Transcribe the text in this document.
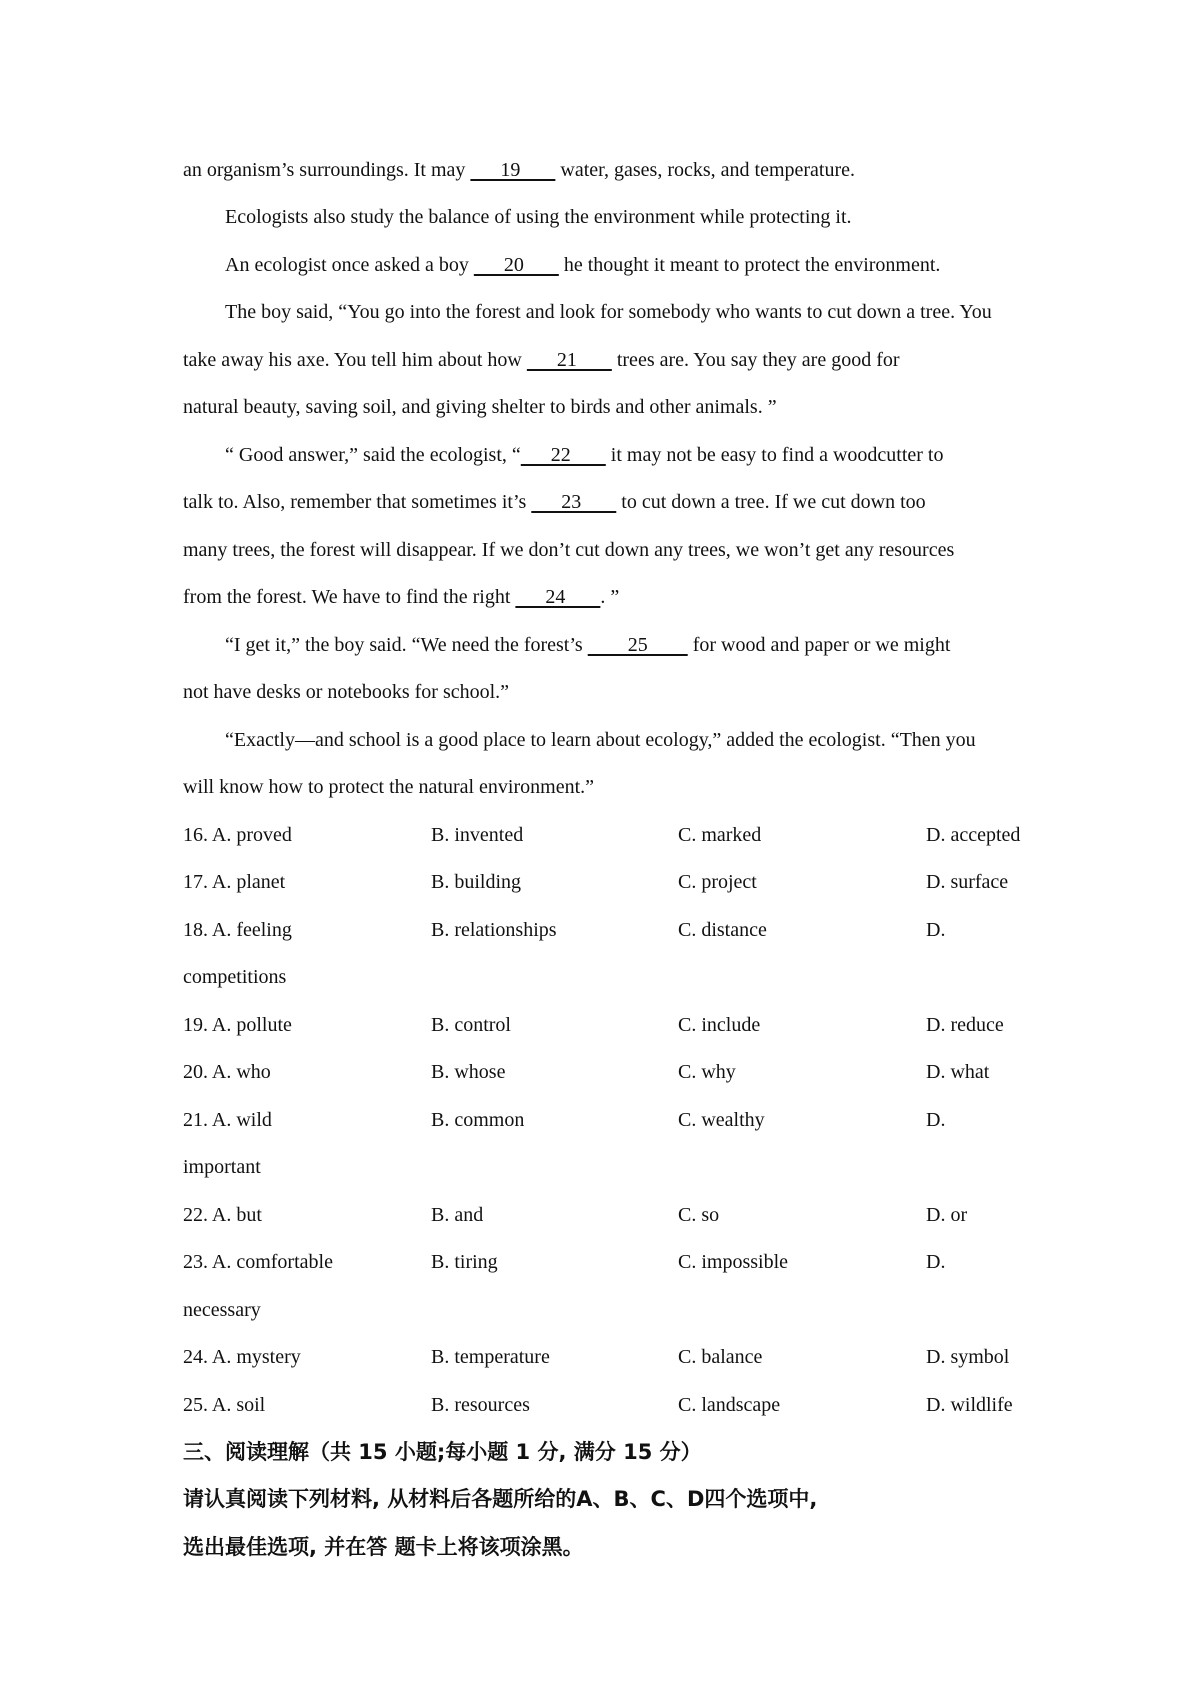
an organism’s surroundings. It may       19        water, gases, rocks, and temperature.
Ecologists also study the balance of using the environment while protecting it.
An ecologist once asked a boy       20        he thought it meant to protect the environment.
The boy said, “You go into the forest and look for somebody who wants to cut down a tree. You
take away his axe. You tell him about how       21        trees are. You say they are good for
natural beauty, saving soil, and giving shelter to birds and other animals. ”
“ Good answer,” said the ecologist, “      22        it may not be easy to find a woodcutter to
talk to. Also, remember that sometimes it’s       23        to cut down a tree. If we cut down too
many trees, the forest will disappear. If we don’t cut down any trees, we won’t get any resources
from the forest. We have to find the right       24       . ”
“I get it,” the boy said. “We need the forest’s         25         for wood and paper or we might
not have desks or notebooks for school.”
“Exactly—and school is a good place to learn about ecology,” added the ecologist. “Then you
will know how to protect the natural environment.”
16. A. proved	B. invented	C. marked	D. accepted
17. A. planet	B. building	C. project	D. surface
18. A. feeling	B. relationships	C. distance	D.
competitions
19. A. pollute	B. control	C. include	D. reduce
20. A. who	B. whose	C. why	D. what
21. A. wild	B. common	C. wealthy	D.
important
22. A. but	B. and	C. so	D. or
23. A. comfortable	B. tiring	C. impossible	D.
necessary
24. A. mystery	B. temperature	C. balance	D. symbol
25. A. soil	B. resources	C. landscape	D. wildlife
三、阅读理解（共 15 小题;每小题 1 分, 满分 15 分）
请认真阅读下列材料, 从材料后各题所给的A、B、C、D四个选项中,
选出最佳选项, 并在答 题卡上将该项涂黑。
